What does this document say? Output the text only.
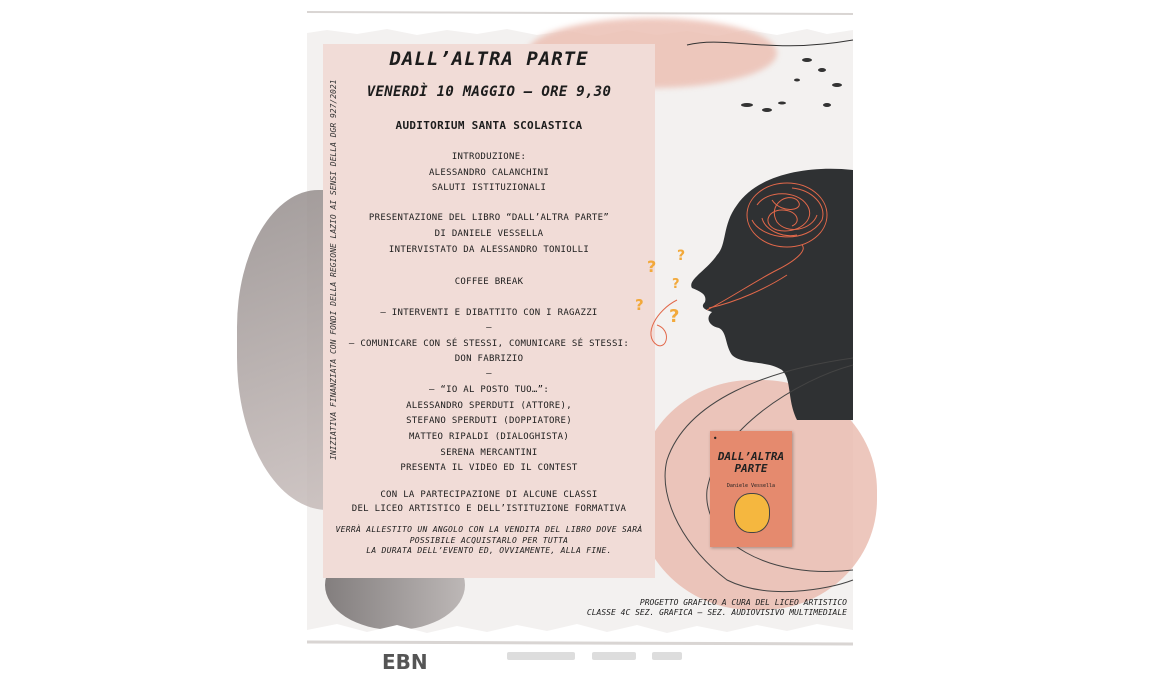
INIZIATIVA FINANZIATA CON FONDI DELLA REGIONE LAZIO AI SENSI DELLA DGR 927/2021
DALL’ALTRA PARTE
VENERDÌ 10 MAGGIO – ORE 9,30
AUDITORIUM SANTA SCOLASTICA
INTRODUZIONE:
ALESSANDRO CALANCHINI
SALUTI ISTITUZIONALI
PRESENTAZIONE DEL LIBRO “DALL’ALTRA PARTE”
DI DANIELE VESSELLA
INTERVISTATO DA ALESSANDRO TONIOLLI
COFFEE BREAK
– INTERVENTI E DIBATTITO CON I RAGAZZI
–
– COMUNICARE CON SÉ STESSI, COMUNICARE SÉ STESSI:
DON FABRIZIO
–
– “IO AL POSTO TUO…”:
ALESSANDRO SPERDUTI (ATTORE),
STEFANO SPERDUTI (DOPPIATORE)
MATTEO RIPALDI (DIALOGHISTA)
SERENA MERCANTINI
PRESENTA IL VIDEO ED IL CONTEST
CON LA PARTECIPAZIONE DI ALCUNE CLASSI
DEL LICEO ARTISTICO E DELL’ISTITUZIONE FORMATIVA
VERRÀ ALLESTITO UN ANGOLO CON LA VENDITA DEL LIBRO DOVE SARÀ
POSSIBILE ACQUISTARLO PER TUTTA
LA DURATA DELL’EVENTO ED, OVVIAMENTE, ALLA FINE.
?
?
?
?
?
●
DALL’ALTRA PARTE
Daniele Vessella
PROGETTO GRAFICO A CURA DEL LICEO ARTISTICO
CLASSE 4C SEZ. GRAFICA – SEZ. AUDIOVISIVO MULTIMEDIALE
EBN
